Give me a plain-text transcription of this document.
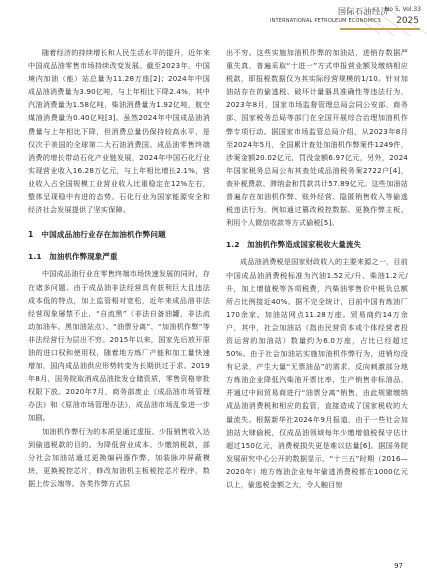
国际石油经济
No 5, Vol.33
INTERNATIONAL PETROLEUM ECONOMICS 2025

随着经济的持续增长和人民生活水平的提升，近年来中国成品油零售市场持续改变发展。截至2023年，中国境内加油（能）站总量为11.28万座[2]；2024年中国成品油消费量为3.90亿吨，与上年相比下降2.4%，其中汽油消费量为1.58亿吨，柴油消费量为1.92亿吨，航空煤油消费量为0.40亿吨[3]。虽然2024年中国成品油消费量与上年相比下降，但消费总量仍保持较高水平，是仅次于美国的全球第二大石油消费国。成品油零售终端消费的增长带动石化产业链发展，2024年中国石化行业实现营业收入16.28万亿元，与上年相比增长2.1%，营业收入占全国规模工业营业收入比重稳定在12%左右，整体呈现稳中有进的态势。石化行业为国家能源安全和经济社会发展提供了坚实保障。

1　中国成品油行业存在加油机作弊问题
1.1　加油机作弊现象严重

中国成品油行业在零售终端市场快速发展的同时，存在诸多问题。由于成品油非法经营具有获利巨大且违法成本低的特点，加上监管相对宽松，近年来成品油非法经营现象屡禁不止，“自流黑”（非法自备油罐，非法流动加油车、黑加油站点）、“油票分离”、“加油机作弊”等非法经营行为层出不穷。2015年以来，国家先后放开原油的进口权和使用权，随着地方炼厂产能和加工量快速增加，国内成品油供应形势转变为长期供过于求。2019年8月，国务院取消成品油批发仓储资质，零售资格审批权限下放。2020年7月，商务部废止《成品油市场管理办法》和《原油市场管理办法》，成品油市场乱象进一步加剧。

加油机作弊行为的本质是通过虚报、少报销售收入达到偷逃税款的目的。为降低营业成本、少缴纳税款，部分社会加油站通过更换编码器作弊，加装脉冲屏蔽模块，更换税控芯片，修改加油机主板税控芯片程序，数据上传云端等。各类作弊方式层

出不穷。这些实施加油机作弊的加油站，进销存数据严重失真，普遍采取“十进一”方式申报营业额及缴纳相应税款，即报税数据仅为其实际经营规模的1/10。针对加油站存在的偷逃税、破坏计量器具准确性等违法行为，2023年8月，国家市场监督管理总局会同公安部、商务部、国家税务总局等部门在全国开展综合治理加油机作弊专项行动。据国家市场监管总局介绍，从2023年8月至2024年5月，全国累计查处加油机作弊案件1249件，涉案金额20.02亿元，罚没金额6.97亿元，另外，2024年国家税务总局公布其查处成品油税务案2722户[4]，查补税费款、滞纳金和罚款共计57.89亿元。这些加油站普遍存在加油机作弊、账外经营、隐匿销售收入等偷逃税违法行为，例如通过篡改税控数据、更换作弊主板、利用个人微信收款等方式偷税[5]。

1.2　加油机作弊造成国家税收大量流失

成品油消费税是国家财政收入的主要来源之一，目前中国成品油消费税标准为汽油1.52元/升、柴油1.2元/升，加上增值税等各项税费，汽柴油零售价中税负总额所占比例接近40%。据不完全统计，目前中国有炼油厂170余家、加油站网点11.28万座。贸易商约14万余户，其中，社会加油站（指由民营资本或个体经营者投资运营的加油站）数量约为6.0万座，占比已经超过50%。由于社会加油站实施加油机作弊行为，进销均没有记录，产生大量“无票油品”的需求，反向刺激部分地方炼油企业降低汽柴油开票比率，生产销售非标油品，并通过中间贸易商进行“油票分离”销售，由此规避缴纳成品油消费税和相应的监管，直接造成了国家税收的大量流失。根据新华社2024年9月报道，由于一些社会加油站大肆偷税，仅成品油领域每年少缴增值税保守估计超过150亿元，消费税损失更是难以估量[6]。据国务院发展研究中心公开的数据显示，“十三五”时期（2016—2020年）地方炼油企业每年偷逃消费税都在1000亿元以上，偷逃税金额之大，令人触目惊

97
